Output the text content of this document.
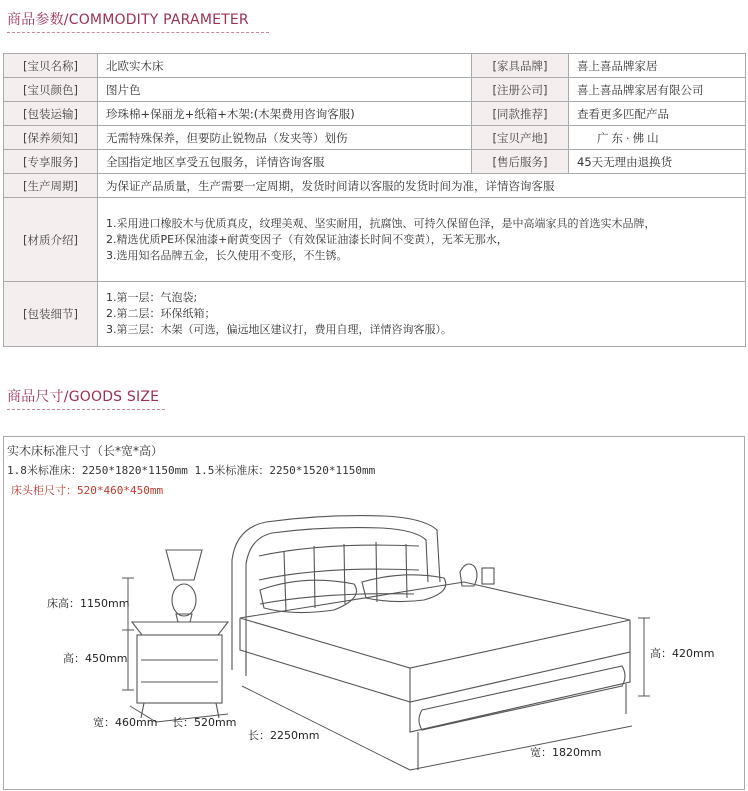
商品参数/COMMODITY PARAMETER
[宝贝名称]	北欧实木床	[家具品牌]	喜上喜品牌家居
[宝贝颜色]	图片色	[注册公司]	喜上喜品牌家居有限公司
[包装运输]	珍珠棉+保丽龙+纸箱+木架:(木架费用咨询客服)	[同款推荐]	查看更多匹配产品
[保养须知]	无需特殊保养，但要防止锐物品（发夹等）划伤	[宝贝产地]	广东·佛山
[专享服务]	全国指定地区享受五包服务，详情咨询客服	[售后服务]	45天无理由退换货
[生产周期]	为保证产品质量，生产需要一定周期，发货时间请以客服的发货时间为准，详情咨询客服		
[材质介绍]	1.采用进口橡胶木与优质真皮，纹理美观、坚实耐用，抗腐蚀、可持久保留色泽，是中高端家具的首选实木品牌，
2.精选优质PE环保油漆+耐黄变因子（有效保证油漆长时间不变黄），无苯无那水，
3.选用知名品牌五金，长久使用不变形，不生锈。		

[包装细节]	1.第一层：气泡袋;
2.第二层：环保纸箱；
3.第三层：木架（可选，偏远地区建议打，费用自理，详情咨询客服）。		
商品尺寸/GOODS SIZE
实木床标准尺寸（长*宽*高）
1.8米标准床：2250*1820*1150mm 1.5米标准床：2250*1520*1150mm
床头柜尺寸：520*460*450mm
床高：1150mm
高：450mm
宽：460mm 长：520mm
长：2250mm
宽：1820mm
高：420mm
